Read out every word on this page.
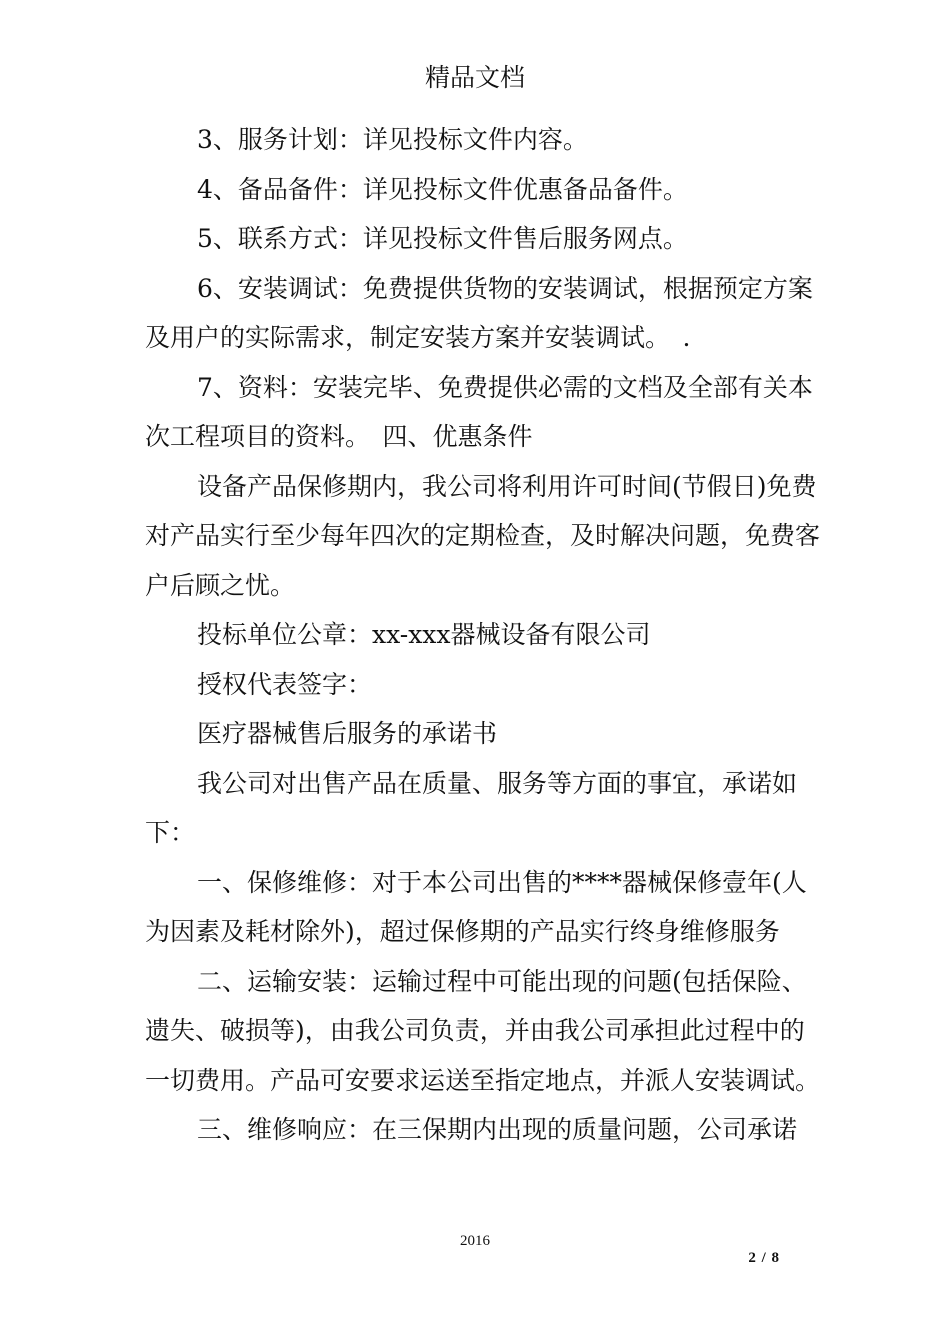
精品文档

3、服务计划：详见投标文件内容。

4、备品备件：详见投标文件优惠备品备件。

5、联系方式：详见投标文件售后服务网点。

6、安装调试：免费提供货物的安装调试，根据预定方案及用户的实际需求，制定安装方案并安装调试。　.

7、资料：安装完毕、免费提供必需的文档及全部有关本次工程项目的资料。　四、优惠条件

设备产品保修期内，我公司将利用许可时间(节假日)免费对产品实行至少每年四次的定期检查，及时解决问题，免费客户后顾之忧。

投标单位公章：xx-xxx器械设备有限公司

授权代表签字：

医疗器械售后服务的承诺书

我公司对出售产品在质量、服务等方面的事宜，承诺如下：

一、保修维修：对于本公司出售的****器械保修壹年(人为因素及耗材除外)，超过保修期的产品实行终身维修服务

二、运输安装：运输过程中可能出现的问题(包括保险、遗失、破损等)，由我公司负责，并由我公司承担此过程中的一切费用。产品可安要求运送至指定地点，并派人安装调试。

三、维修响应：在三保期内出现的质量问题，公司承诺

2016
2 / 8
